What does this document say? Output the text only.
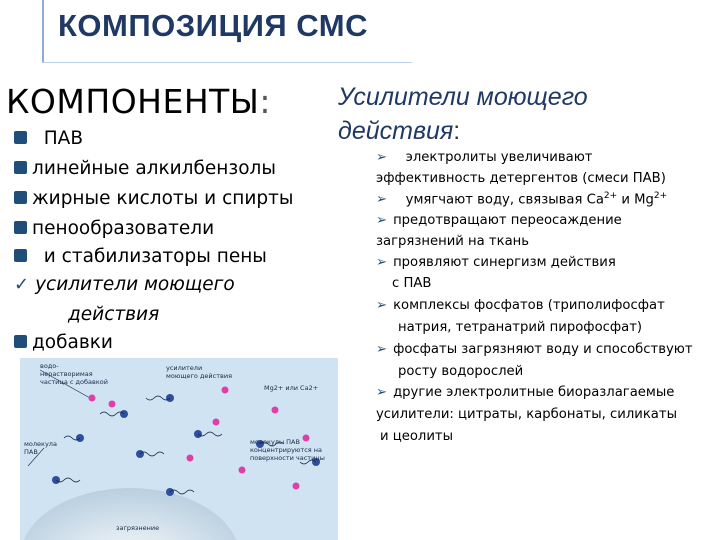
КОМПОЗИЦИЯ СМС
КОМПОНЕНТЫ:
ПАВ
линейные алкилбензолы
жирные кислоты и спирты
пенообразователи
и стабилизаторы пены
✓ усилители моющего
действия
добавки
Усилители моющего
действия:
➢ электролиты увеличивают
эффективность детергентов (смеси ПАВ)
➢ умягчают воду, связывая $Ca^{2+}$ и $Mg^{2+}$
➢ предотвращают переосаждение
загрязнений на ткань
➢ проявляют синергизм действия
с ПАВ
➢ комплексы фосфатов (триполифосфат
натрия, тетранатрий пирофосфат)
➢ фосфаты загрязняют воду и способствуют
росту водорослей
➢ другие электролитные биоразлагаемые
усилители: цитраты, карбонаты, силикаты
и цеолиты
водо- нерастворимая частица с добавкой
усилители моющего действия
Mg2+ или Ca2+
молекула ПАВ
молекулы ПАВ концентрируются на поверхности частицы
загрязнение
